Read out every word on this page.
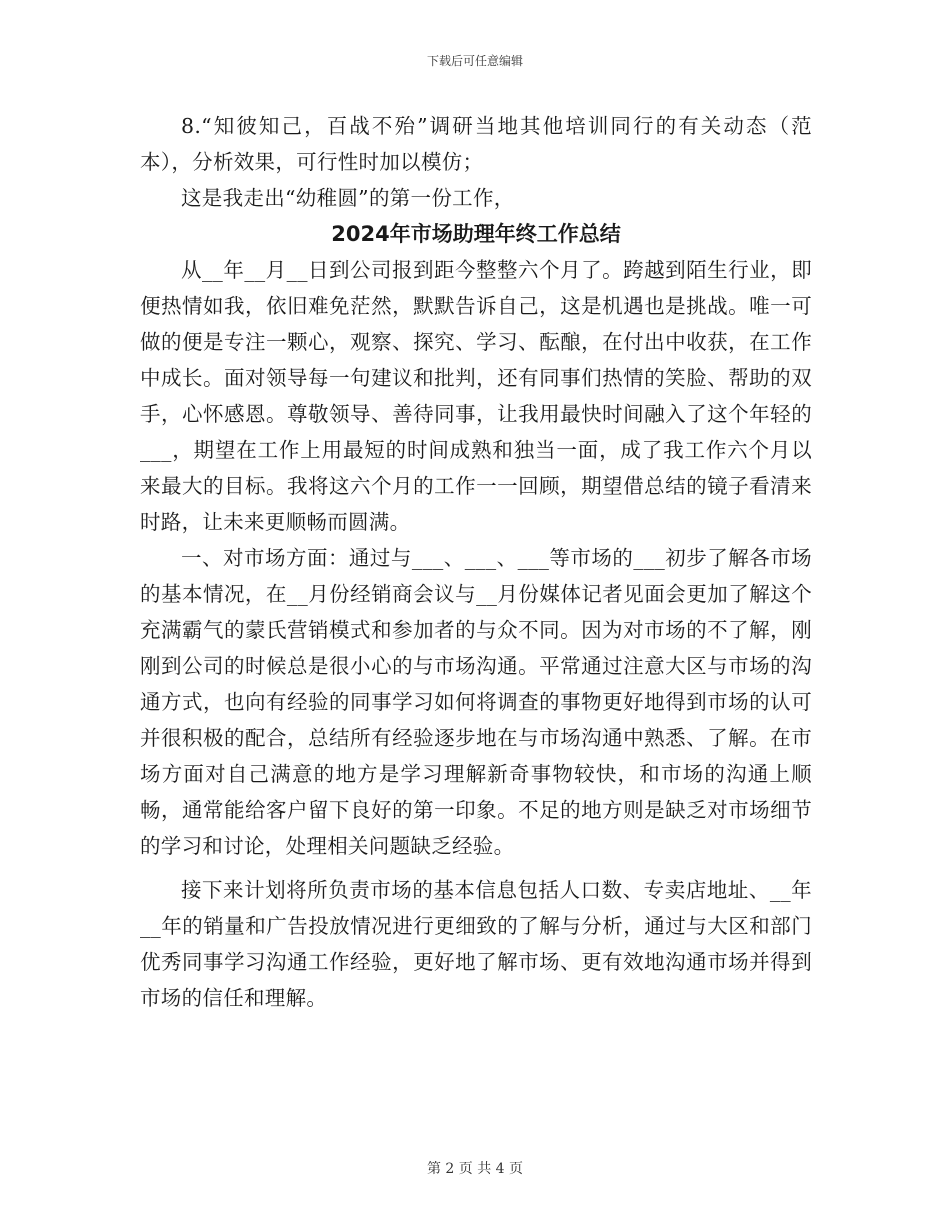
下载后可任意编辑

8.“知彼知己，百战不殆”调研当地其他培训同行的有关动态（范本），分析效果，可行性时加以模仿；

这是我走出“幼稚圆”的第一份工作，

2024年市场助理年终工作总结

从__年__月__日到公司报到距今整整六个月了。跨越到陌生行业，即便热情如我，依旧难免茫然，默默告诉自己，这是机遇也是挑战。唯一可做的便是专注一颗心，观察、探究、学习、酝酿，在付出中收获，在工作中成长。面对领导每一句建议和批判，还有同事们热情的笑脸、帮助的双手，心怀感恩。尊敬领导、善待同事，让我用最快时间融入了这个年轻的___，期望在工作上用最短的时间成熟和独当一面，成了我工作六个月以来最大的目标。我将这六个月的工作一一回顾，期望借总结的镜子看清来时路，让未来更顺畅而圆满。

一、对市场方面：通过与___、___、___等市场的___初步了解各市场的基本情况，在__月份经销商会议与__月份媒体记者见面会更加了解这个充满霸气的蒙氏营销模式和参加者的与众不同。因为对市场的不了解，刚刚到公司的时候总是很小心的与市场沟通。平常通过注意大区与市场的沟通方式，也向有经验的同事学习如何将调查的事物更好地得到市场的认可并很积极的配合，总结所有经验逐步地在与市场沟通中熟悉、了解。在市场方面对自己满意的地方是学习理解新奇事物较快，和市场的沟通上顺畅，通常能给客户留下良好的第一印象。不足的地方则是缺乏对市场细节的学习和讨论，处理相关问题缺乏经验。

接下来计划将所负责市场的基本信息包括人口数、专卖店地址、__年__年的销量和广告投放情况进行更细致的了解与分析，通过与大区和部门优秀同事学习沟通工作经验，更好地了解市场、更有效地沟通市场并得到市场的信任和理解。

第 2 页 共 4 页
